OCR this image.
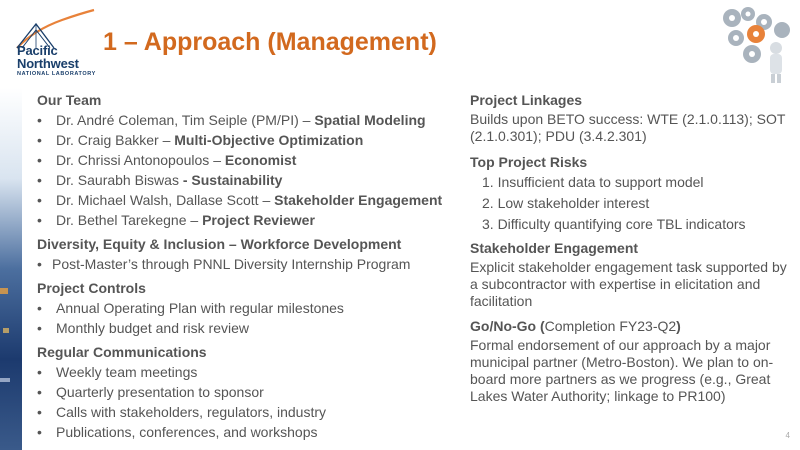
Pacific
Northwest
NATIONAL LABORATORY
1 – Approach (Management)
Our Team
• Dr. André Coleman, Tim Seiple (PM/PI) – Spatial Modeling
• Dr. Craig Bakker – Multi-Objective Optimization
• Dr. Chrissi Antonopoulos – Economist
• Dr. Saurabh Biswas - Sustainability
• Dr. Michael Walsh, Dallase Scott – Stakeholder Engagement
• Dr. Bethel Tarekegne – Project Reviewer
Diversity, Equity & Inclusion – Workforce Development
• Post-Master’s through PNNL Diversity Internship Program
Project Controls
• Annual Operating Plan with regular milestones
• Monthly budget and risk review
Regular Communications
• Weekly team meetings
• Quarterly presentation to sponsor
• Calls with stakeholders, regulators, industry
• Publications, conferences, and workshops
Project Linkages
Builds upon BETO success: WTE (2.1.0.113); SOT (2.1.0.301); PDU (3.4.2.301)
Top Project Risks
1. Insufficient data to support model
2. Low stakeholder interest
3. Difficulty quantifying core TBL indicators
Stakeholder Engagement
Explicit stakeholder engagement task supported by a subcontractor with expertise in elicitation and facilitation
Go/No-Go (Completion FY23-Q2)
Formal endorsement of our approach by a major municipal partner (Metro-Boston). We plan to on-board more partners as we progress (e.g., Great Lakes Water Authority; linkage to PR100)
4
